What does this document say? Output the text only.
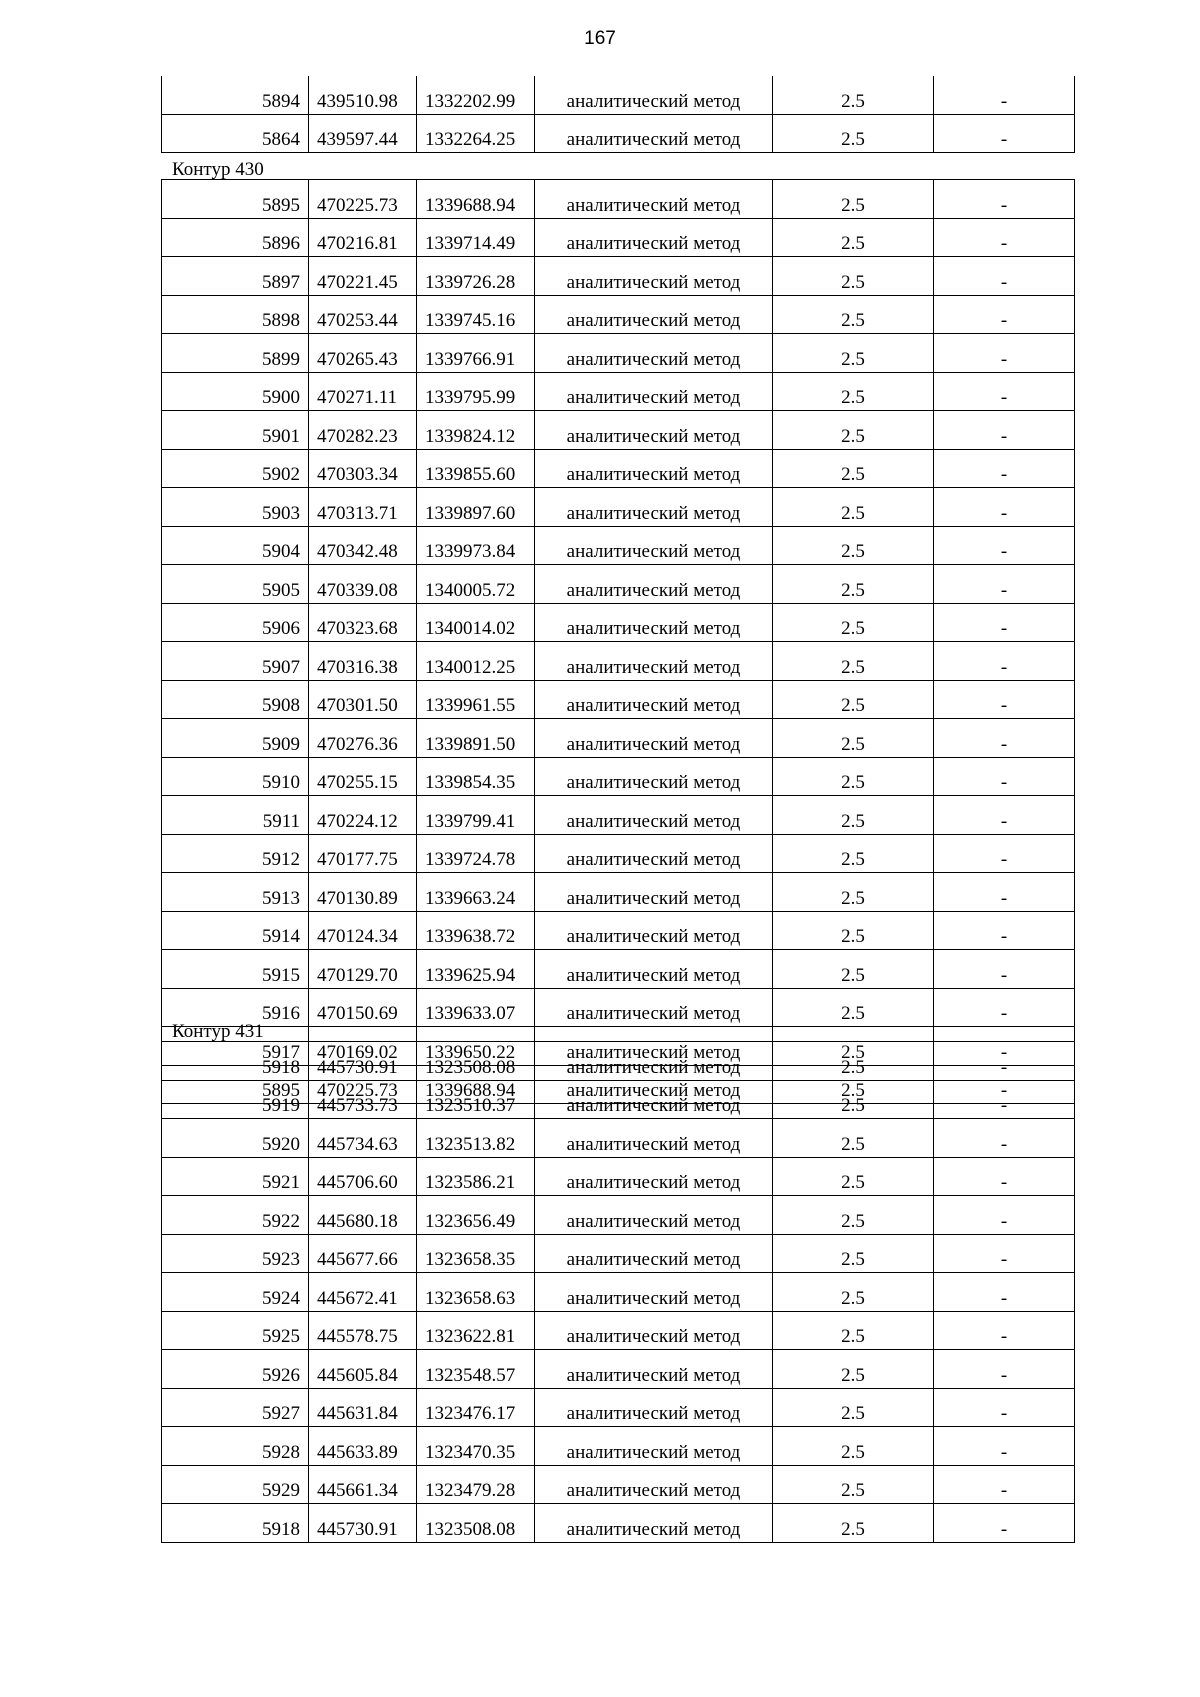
167
5894	439510.98	1332202.99	аналитический метод	2.5	-
5864	439597.44	1332264.25	аналитический метод	2.5	-
Контур 430
5895	470225.73	1339688.94	аналитический метод	2.5	-
5896	470216.81	1339714.49	аналитический метод	2.5	-
5897	470221.45	1339726.28	аналитический метод	2.5	-
5898	470253.44	1339745.16	аналитический метод	2.5	-
5899	470265.43	1339766.91	аналитический метод	2.5	-
5900	470271.11	1339795.99	аналитический метод	2.5	-
5901	470282.23	1339824.12	аналитический метод	2.5	-
5902	470303.34	1339855.60	аналитический метод	2.5	-
5903	470313.71	1339897.60	аналитический метод	2.5	-
5904	470342.48	1339973.84	аналитический метод	2.5	-
5905	470339.08	1340005.72	аналитический метод	2.5	-
5906	470323.68	1340014.02	аналитический метод	2.5	-
5907	470316.38	1340012.25	аналитический метод	2.5	-
5908	470301.50	1339961.55	аналитический метод	2.5	-
5909	470276.36	1339891.50	аналитический метод	2.5	-
5910	470255.15	1339854.35	аналитический метод	2.5	-
5911	470224.12	1339799.41	аналитический метод	2.5	-
5912	470177.75	1339724.78	аналитический метод	2.5	-
5913	470130.89	1339663.24	аналитический метод	2.5	-
5914	470124.34	1339638.72	аналитический метод	2.5	-
5915	470129.70	1339625.94	аналитический метод	2.5	-
5916	470150.69	1339633.07	аналитический метод	2.5	-
5917	470169.02	1339650.22	аналитический метод	2.5	-
5895	470225.73	1339688.94	аналитический метод	2.5	-
Контур 431
5918	445730.91	1323508.08	аналитический метод	2.5	-
5919	445733.73	1323510.37	аналитический метод	2.5	-
5920	445734.63	1323513.82	аналитический метод	2.5	-
5921	445706.60	1323586.21	аналитический метод	2.5	-
5922	445680.18	1323656.49	аналитический метод	2.5	-
5923	445677.66	1323658.35	аналитический метод	2.5	-
5924	445672.41	1323658.63	аналитический метод	2.5	-
5925	445578.75	1323622.81	аналитический метод	2.5	-
5926	445605.84	1323548.57	аналитический метод	2.5	-
5927	445631.84	1323476.17	аналитический метод	2.5	-
5928	445633.89	1323470.35	аналитический метод	2.5	-
5929	445661.34	1323479.28	аналитический метод	2.5	-
5918	445730.91	1323508.08	аналитический метод	2.5	-
